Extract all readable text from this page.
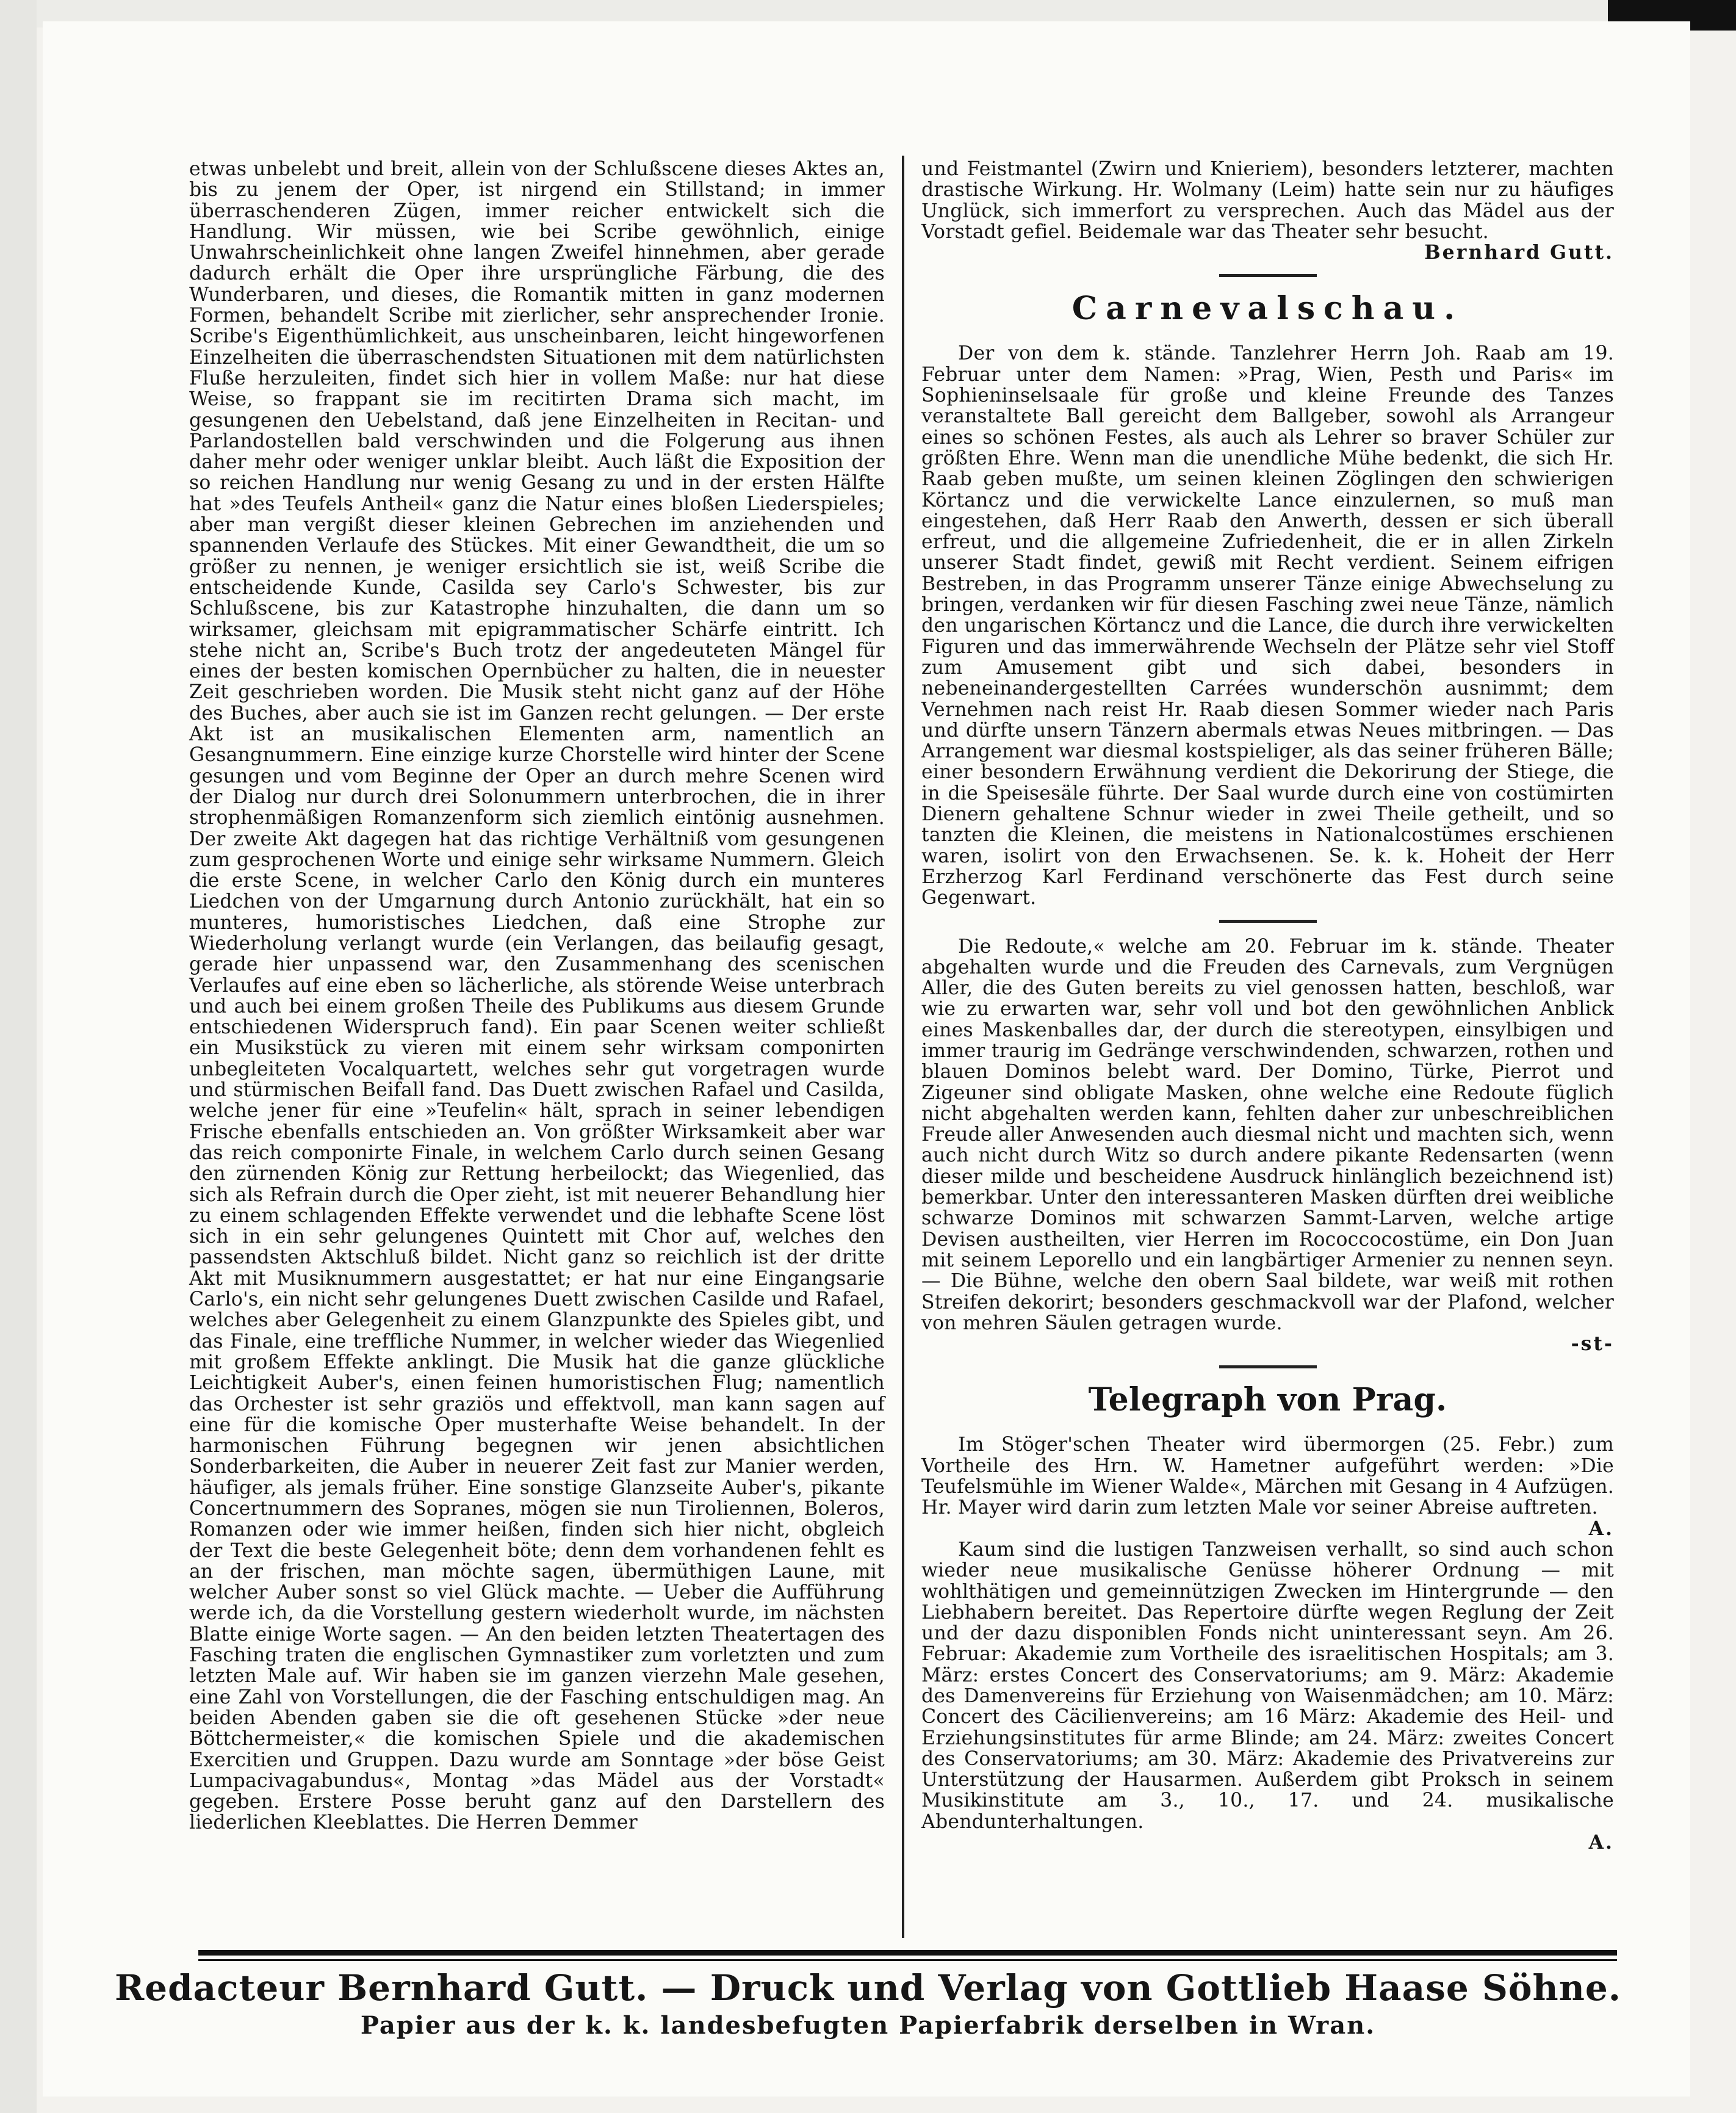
etwas unbelebt und breit, allein von der Schlußscene dieses Aktes an, bis zu jenem der Oper, ist nirgend ein Stillstand; in immer überraschenderen Zügen, immer reicher entwickelt sich die Handlung. Wir müssen, wie bei Scribe gewöhnlich, einige Unwahrscheinlichkeit ohne langen Zweifel hinnehmen, aber gerade dadurch erhält die Oper ihre ursprüngliche Färbung, die des Wunderbaren, und dieses, die Romantik mitten in ganz modernen Formen, behandelt Scribe mit zierlicher, sehr ansprechender Ironie. Scribe's Eigenthümlichkeit, aus unscheinbaren, leicht hingeworfenen Einzelheiten die überraschendsten Situationen mit dem natürlichsten Fluße herzuleiten, findet sich hier in vollem Maße: nur hat diese Weise, so frappant sie im recitirten Drama sich macht, im gesungenen den Uebelstand, daß jene Einzelheiten in Recitan- und Parlandostellen bald verschwinden und die Folgerung aus ihnen daher mehr oder weniger unklar bleibt. Auch läßt die Exposition der so reichen Handlung nur wenig Gesang zu und in der ersten Hälfte hat »des Teufels Antheil« ganz die Natur eines bloßen Liederspieles; aber man vergißt dieser kleinen Gebrechen im anziehenden und spannenden Verlaufe des Stückes. Mit einer Gewandtheit, die um so größer zu nennen, je weniger ersichtlich sie ist, weiß Scribe die entscheidende Kunde, Casilda sey Carlo's Schwester, bis zur Schlußscene, bis zur Katastrophe hinzuhalten, die dann um so wirksamer, gleichsam mit epigrammatischer Schärfe eintritt. Ich stehe nicht an, Scribe's Buch trotz der angedeuteten Mängel für eines der besten komischen Opernbücher zu halten, die in neuester Zeit geschrieben worden. Die Musik steht nicht ganz auf der Höhe des Buches, aber auch sie ist im Ganzen recht gelungen. — Der erste Akt ist an musikalischen Elementen arm, namentlich an Gesangnummern. Eine einzige kurze Chorstelle wird hinter der Scene gesungen und vom Beginne der Oper an durch mehre Scenen wird der Dialog nur durch drei Solonummern unterbrochen, die in ihrer strophenmäßigen Romanzenform sich ziemlich eintönig ausnehmen. Der zweite Akt dagegen hat das richtige Verhältniß vom gesungenen zum gesprochenen Worte und einige sehr wirksame Nummern. Gleich die erste Scene, in welcher Carlo den König durch ein munteres Liedchen von der Umgarnung durch Antonio zurückhält, hat ein so munteres, humoristisches Liedchen, daß eine Strophe zur Wiederholung verlangt wurde (ein Verlangen, das beilaufig gesagt, gerade hier unpassend war, den Zusammenhang des scenischen Verlaufes auf eine eben so lächerliche, als störende Weise unterbrach und auch bei einem großen Theile des Publikums aus diesem Grunde entschiedenen Widerspruch fand). Ein paar Scenen weiter schließt ein Musikstück zu vieren mit einem sehr wirksam componirten unbegleiteten Vocalquartett, welches sehr gut vorgetragen wurde und stürmischen Beifall fand. Das Duett zwischen Rafael und Casilda, welche jener für eine »Teufelin« hält, sprach in seiner lebendigen Frische ebenfalls entschieden an. Von größter Wirksamkeit aber war das reich componirte Finale, in welchem Carlo durch seinen Gesang den zürnenden König zur Rettung herbeilockt; das Wiegenlied, das sich als Refrain durch die Oper zieht, ist mit neuerer Behandlung hier zu einem schlagenden Effekte verwendet und die lebhafte Scene löst sich in ein sehr gelungenes Quintett mit Chor auf, welches den passendsten Aktschluß bildet. Nicht ganz so reichlich ist der dritte Akt mit Musiknummern ausgestattet; er hat nur eine Eingangsarie Carlo's, ein nicht sehr gelungenes Duett zwischen Casilde und Rafael, welches aber Gelegenheit zu einem Glanzpunkte des Spieles gibt, und das Finale, eine treffliche Nummer, in welcher wieder das Wiegenlied mit großem Effekte anklingt. Die Musik hat die ganze glückliche Leichtigkeit Auber's, einen feinen humoristischen Flug; namentlich das Orchester ist sehr graziös und effektvoll, man kann sagen auf eine für die komische Oper musterhafte Weise behandelt. In der harmonischen Führung begegnen wir jenen absichtlichen Sonderbarkeiten, die Auber in neuerer Zeit fast zur Manier werden, häufiger, als jemals früher. Eine sonstige Glanzseite Auber's, pikante Concertnummern des Sopranes, mögen sie nun Tiroliennen, Boleros, Romanzen oder wie immer heißen, finden sich hier nicht, obgleich der Text die beste Gelegenheit böte; denn dem vorhandenen fehlt es an der frischen, man möchte sagen, übermüthigen Laune, mit welcher Auber sonst so viel Glück machte. — Ueber die Aufführung werde ich, da die Vorstellung gestern wiederholt wurde, im nächsten Blatte einige Worte sagen. — An den beiden letzten Theatertagen des Fasching traten die englischen Gymnastiker zum vorletzten und zum letzten Male auf. Wir haben sie im ganzen vierzehn Male gesehen, eine Zahl von Vorstellungen, die der Fasching entschuldigen mag. An beiden Abenden gaben sie die oft gesehenen Stücke »der neue Böttchermeister,« die komischen Spiele und die akademischen Exercitien und Gruppen. Dazu wurde am Sonntage »der böse Geist Lumpacivagabundus«, Montag »das Mädel aus der Vorstadt« gegeben. Erstere Posse beruht ganz auf den Darstellern des liederlichen Kleeblattes. Die Herren Demmer

und Feistmantel (Zwirn und Knieriem), besonders letzterer, machten drastische Wirkung. Hr. Wolmany (Leim) hatte sein nur zu häufiges Unglück, sich immerfort zu versprechen. Auch das Mädel aus der Vorstadt gefiel. Beidemale war das Theater sehr besucht.

Bernhard Gutt.

Carnevalschau.

Der von dem k. stände. Tanzlehrer Herrn Joh. Raab am 19. Februar unter dem Namen: »Prag, Wien, Pesth und Paris« im Sophieninselsaale für große und kleine Freunde des Tanzes veranstaltete Ball gereicht dem Ballgeber, sowohl als Arrangeur eines so schönen Festes, als auch als Lehrer so braver Schüler zur größten Ehre. Wenn man die unendliche Mühe bedenkt, die sich Hr. Raab geben mußte, um seinen kleinen Zöglingen den schwierigen Körtancz und die verwickelte Lance einzulernen, so muß man eingestehen, daß Herr Raab den Anwerth, dessen er sich überall erfreut, und die allgemeine Zufriedenheit, die er in allen Zirkeln unserer Stadt findet, gewiß mit Recht verdient. Seinem eifrigen Bestreben, in das Programm unserer Tänze einige Abwechselung zu bringen, verdanken wir für diesen Fasching zwei neue Tänze, nämlich den ungarischen Körtancz und die Lance, die durch ihre verwickelten Figuren und das immerwährende Wechseln der Plätze sehr viel Stoff zum Amusement gibt und sich dabei, besonders in nebeneinandergestellten Carrées wunderschön ausnimmt; dem Vernehmen nach reist Hr. Raab diesen Sommer wieder nach Paris und dürfte unsern Tänzern abermals etwas Neues mitbringen. — Das Arrangement war diesmal kostspieliger, als das seiner früheren Bälle; einer besondern Erwähnung verdient die Dekorirung der Stiege, die in die Speisesäle führte. Der Saal wurde durch eine von costümirten Dienern gehaltene Schnur wieder in zwei Theile getheilt, und so tanzten die Kleinen, die meistens in Nationalcostümes erschienen waren, isolirt von den Erwachsenen. Se. k. k. Hoheit der Herr Erzherzog Karl Ferdinand verschönerte das Fest durch seine Gegenwart.

Die Redoute,« welche am 20. Februar im k. stände. Theater abgehalten wurde und die Freuden des Carnevals, zum Vergnügen Aller, die des Guten bereits zu viel genossen hatten, beschloß, war wie zu erwarten war, sehr voll und bot den gewöhnlichen Anblick eines Maskenballes dar, der durch die stereotypen, einsylbigen und immer traurig im Gedränge verschwindenden, schwarzen, rothen und blauen Dominos belebt ward. Der Domino, Türke, Pierrot und Zigeuner sind obligate Masken, ohne welche eine Redoute füglich nicht abgehalten werden kann, fehlten daher zur unbeschreiblichen Freude aller Anwesenden auch diesmal nicht und machten sich, wenn auch nicht durch Witz so durch andere pikante Redensarten (wenn dieser milde und bescheidene Ausdruck hinlänglich bezeichnend ist) bemerkbar. Unter den interessanteren Masken dürften drei weibliche schwarze Dominos mit schwarzen Sammt-Larven, welche artige Devisen austheilten, vier Herren im Rococcocostüme, ein Don Juan mit seinem Leporello und ein langbärtiger Armenier zu nennen seyn. — Die Bühne, welche den obern Saal bildete, war weiß mit rothen Streifen dekorirt; besonders geschmackvoll war der Plafond, welcher von mehren Säulen getragen wurde.

-st-

Telegraph von Prag.

Im Stöger'schen Theater wird übermorgen (25. Febr.) zum Vortheile des Hrn. W. Hametner aufgeführt werden: »Die Teufelsmühle im Wiener Walde«, Märchen mit Gesang in 4 Aufzügen. Hr. Mayer wird darin zum letzten Male vor seiner Abreise auftreten.

A.

Kaum sind die lustigen Tanzweisen verhallt, so sind auch schon wieder neue musikalische Genüsse höherer Ordnung — mit wohlthätigen und gemeinnützigen Zwecken im Hintergrunde — den Liebhabern bereitet. Das Repertoire dürfte wegen Reglung der Zeit und der dazu disponiblen Fonds nicht uninteressant seyn. Am 26. Februar: Akademie zum Vortheile des israelitischen Hospitals; am 3. März: erstes Concert des Conservatoriums; am 9. März: Akademie des Damenvereins für Erziehung von Waisenmädchen; am 10. März: Concert des Cäcilienvereins; am 16 März: Akademie des Heil- und Erziehungsinstitutes für arme Blinde; am 24. März: zweites Concert des Conservatoriums; am 30. März: Akademie des Privatvereins zur Unterstützung der Hausarmen. Außerdem gibt Proksch in seinem Musikinstitute am 3., 10., 17. und 24. musikalische Abendunterhaltungen.

A.

Redacteur Bernhard Gutt. — Druck und Verlag von Gottlieb Haase Söhne.
Papier aus der k. k. landesbefugten Papierfabrik derselben in Wran.
